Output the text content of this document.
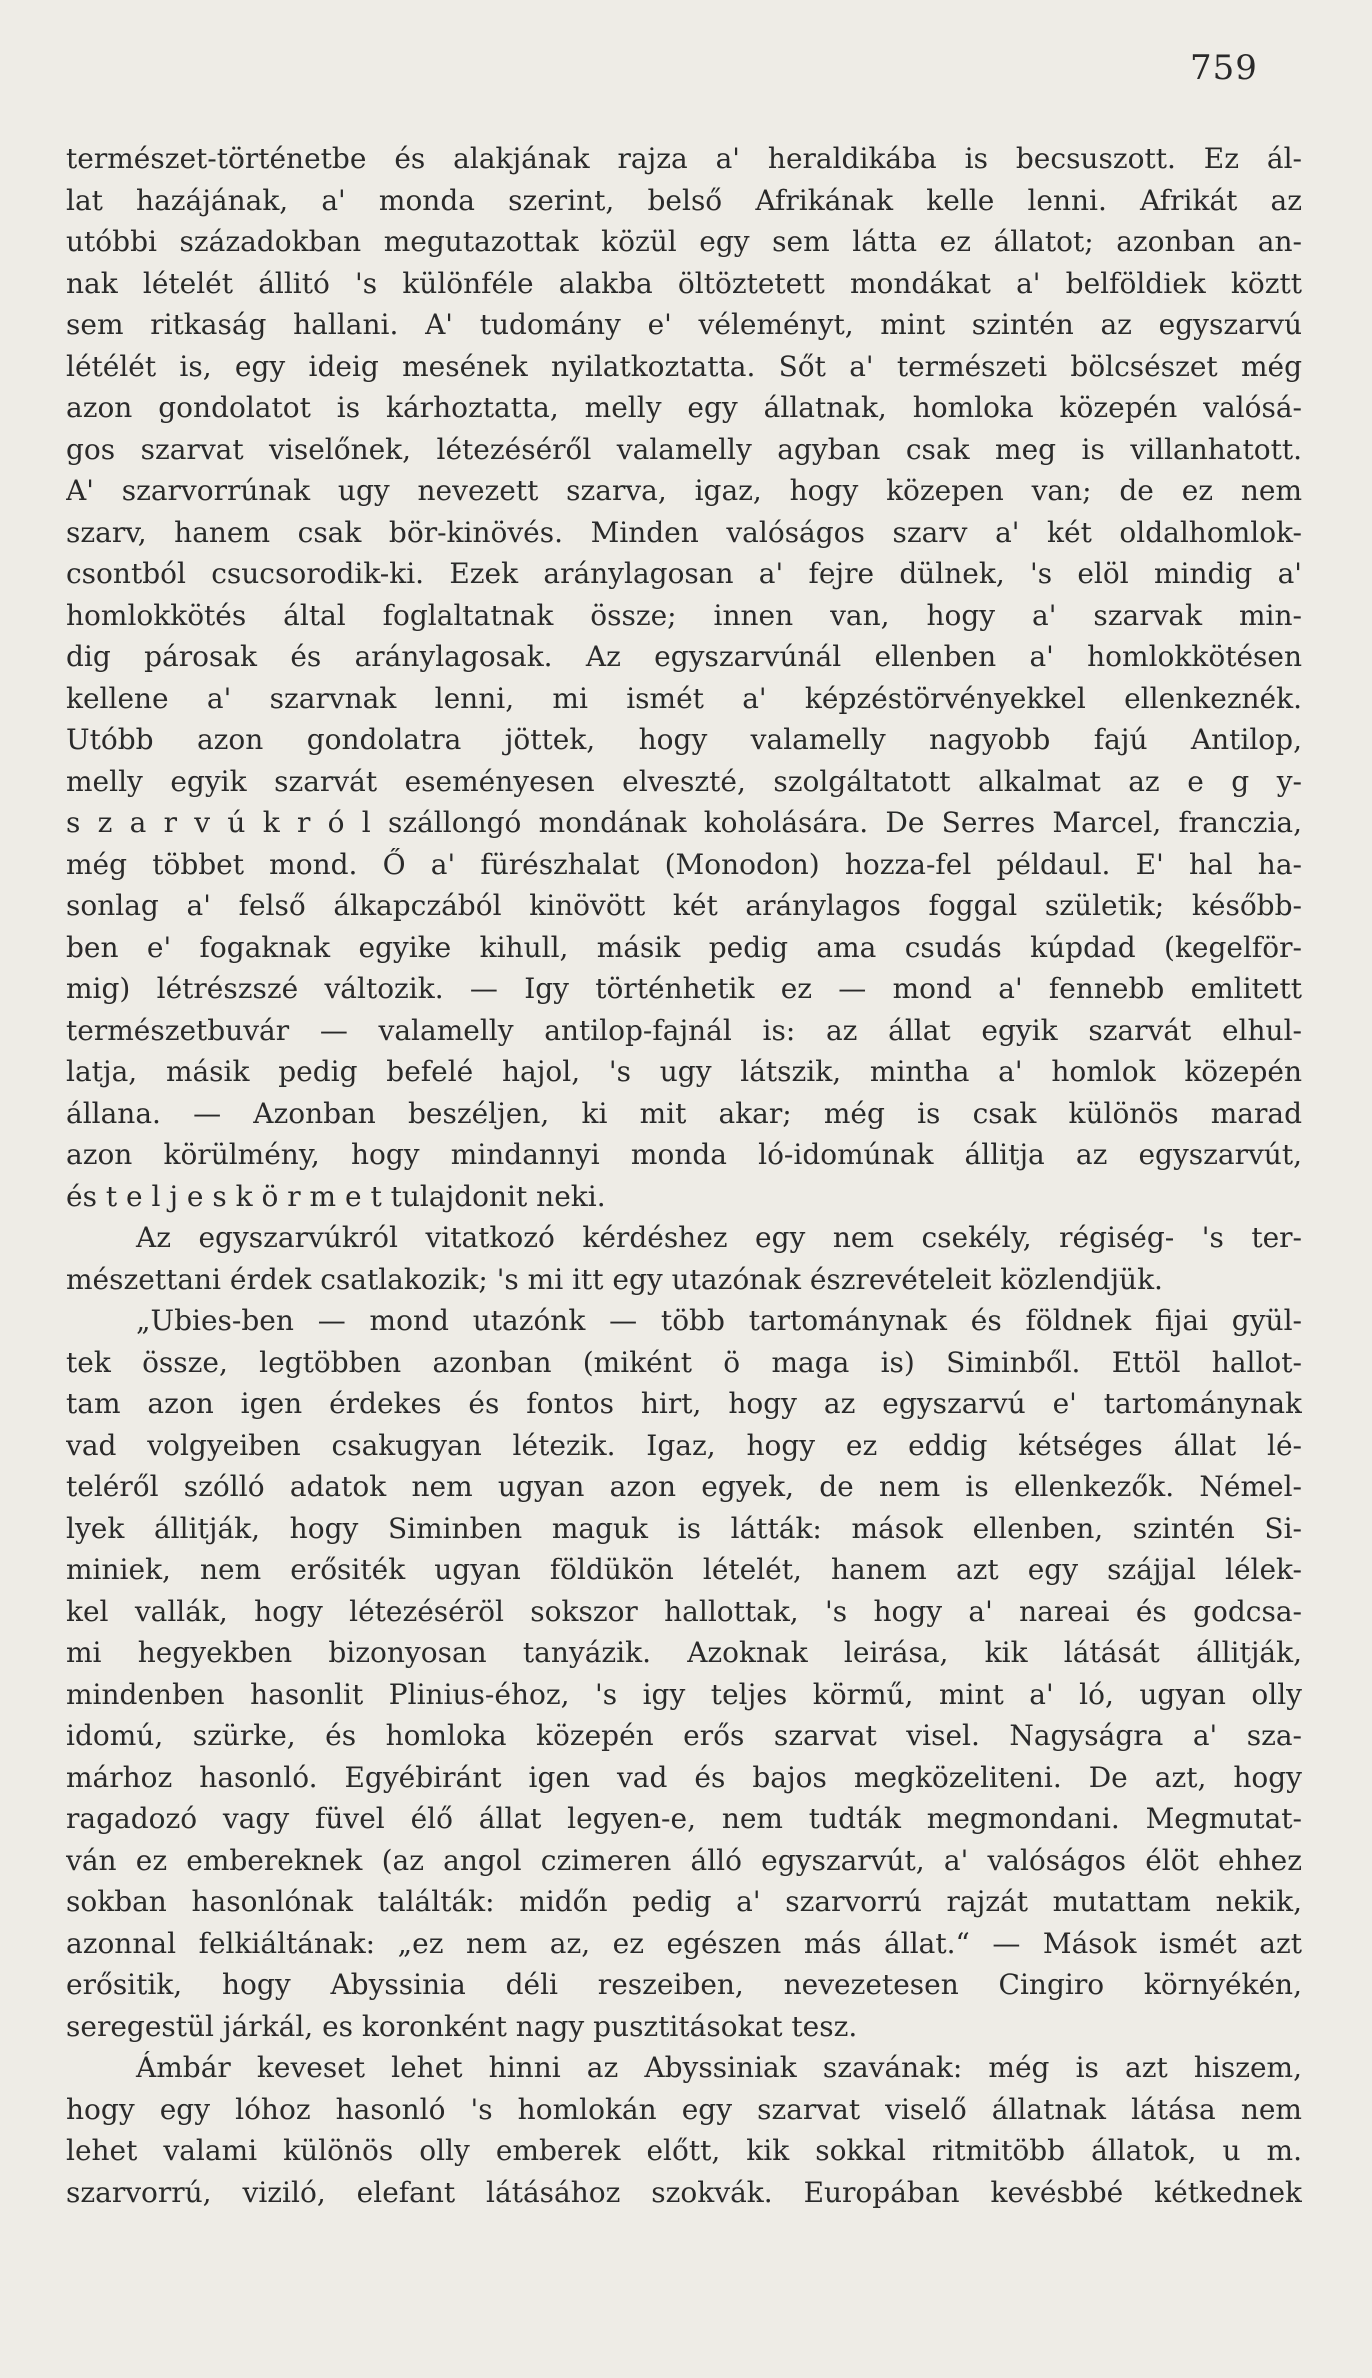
759
természet-történetbe és alakjának rajza a' heraldikába is becsuszott. Ez ál-
lat hazájának, a' monda szerint, belső Afrikának kelle lenni. Afrikát az
utóbbi századokban megutazottak közül egy sem látta ez állatot; azonban an-
nak lételét állitó 's különféle alakba öltöztetett mondákat a' belföldiek köztt
sem ritkaság hallani. A' tudomány e' véleményt, mint szintén az egyszarvú
létélét is, egy ideig mesének nyilatkoztatta. Sőt a' természeti bölcsészet még
azon gondolatot is kárhoztatta, melly egy állatnak, homloka közepén valósá-
gos szarvat viselőnek, létezéséről valamelly agyban csak meg is villanhatott.
A' szarvorrúnak ugy nevezett szarva, igaz, hogy közepen van; de ez nem
szarv, hanem csak bör-kinövés. Minden valóságos szarv a' két oldalhomlok-
csontból csucsorodik-ki. Ezek aránylagosan a' fejre dülnek, 's elöl mindig a'
homlokkötés által foglaltatnak össze; innen van, hogy a' szarvak min-
dig párosak és aránylagosak. Az egyszarvúnál ellenben a' homlokkötésen
kellene a' szarvnak lenni, mi ismét a' képzéstörvényekkel ellenkeznék.
Utóbb azon gondolatra jöttek, hogy valamelly nagyobb fajú Antilop,
melly egyik szarvát eseményesen elveszté, szolgáltatott alkalmat az e g y-
s z a r v ú k r ó l szállongó mondának koholására. De Serres Marcel, franczia,
még többet mond. Ő a' fürészhalat (Monodon) hozza-fel példaul. E' hal ha-
sonlag a' felső álkapczából kinövött két aránylagos foggal születik; később-
ben e' fogaknak egyike kihull, másik pedig ama csudás kúpdad (kegelför-
mig) létrészszé változik. — Igy történhetik ez — mond a' fennebb emlitett
természetbuvár — valamelly antilop-fajnál is: az állat egyik szarvát elhul-
latja, másik pedig befelé hajol, 's ugy látszik, mintha a' homlok közepén
állana. — Azonban beszéljen, ki mit akar; még is csak különös marad
azon körülmény, hogy mindannyi monda ló-idomúnak állitja az egyszarvút,
és t e l j e s k ö r m e t tulajdonit neki.
Az egyszarvúkról vitatkozó kérdéshez egy nem csekély, régiség- 's ter-
mészettani érdek csatlakozik; 's mi itt egy utazónak észrevételeit közlendjük.
„Ubies-ben — mond utazónk — több tartománynak és földnek fijai gyül-
tek össze, legtöbben azonban (miként ö maga is) Siminből. Ettöl hallot-
tam azon igen érdekes és fontos hirt, hogy az egyszarvú e' tartománynak
vad volgyeiben csakugyan létezik. Igaz, hogy ez eddig kétséges állat lé-
teléről szólló adatok nem ugyan azon egyek, de nem is ellenkezők. Némel-
lyek állitják, hogy Siminben maguk is látták: mások ellenben, szintén Si-
miniek, nem erősiték ugyan földükön lételét, hanem azt egy szájjal lélek-
kel vallák, hogy létezéséröl sokszor hallottak, 's hogy a' nareai és godcsa-
mi hegyekben bizonyosan tanyázik. Azoknak leirása, kik látását állitják,
mindenben hasonlit Plinius-éhoz, 's igy teljes körmű, mint a' ló, ugyan olly
idomú, szürke, és homloka közepén erős szarvat visel. Nagyságra a' sza-
márhoz hasonló. Egyébiránt igen vad és bajos megközeliteni. De azt, hogy
ragadozó vagy füvel élő állat legyen-e, nem tudták megmondani. Megmutat-
ván ez embereknek (az angol czimeren álló egyszarvút, a' valóságos élöt ehhez
sokban hasonlónak találták: midőn pedig a' szarvorrú rajzát mutattam nekik,
azonnal felkiáltának: „ez nem az, ez egészen más állat.“ — Mások ismét azt
erősitik, hogy Abyssinia déli reszeiben, nevezetesen Cingiro környékén,
seregestül járkál, es koronként nagy pusztitásokat tesz.
Ámbár keveset lehet hinni az Abyssiniak szavának: még is azt hiszem,
hogy egy lóhoz hasonló 's homlokán egy szarvat viselő állatnak látása nem
lehet valami különös olly emberek előtt, kik sokkal ritmitöbb állatok, u m.
szarvorrú, viziló, elefant látásához szokvák. Europában kevésbbé kétkednek
